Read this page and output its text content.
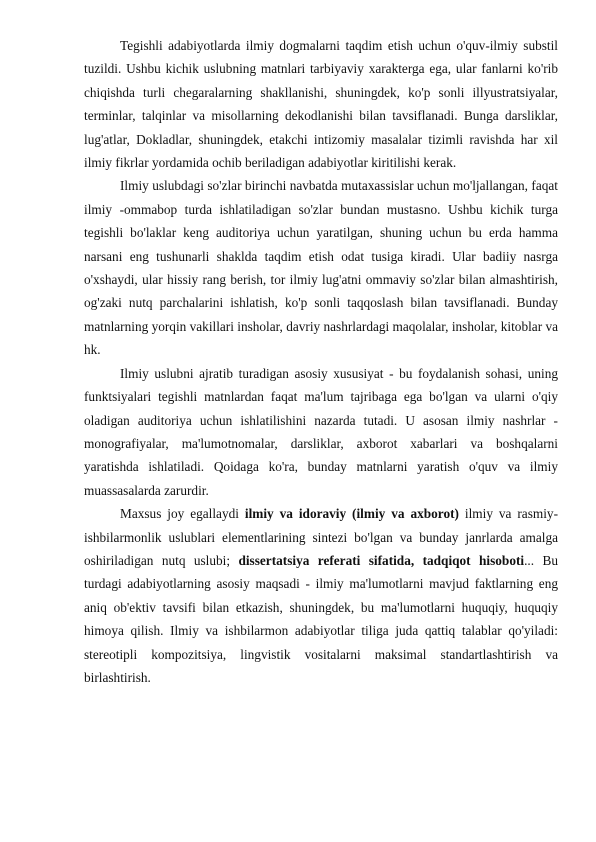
Tegishli adabiyotlarda ilmiy dogmalarni taqdim etish uchun o'quv-ilmiy substil tuzildi. Ushbu kichik uslubning matnlari tarbiyaviy xarakterga ega, ular fanlarni ko'rib chiqishda turli chegaralarning shakllanishi, shuningdek, ko'p sonli illyustratsiyalar, terminlar, talqinlar va misollarning dekodlanishi bilan tavsiflanadi. Bunga darsliklar, lug'atlar, Dokladlar, shuningdek, etakchi intizomiy masalalar tizimli ravishda har xil ilmiy fikrlar yordamida ochib beriladigan adabiyotlar kiritilishi kerak.

Ilmiy uslubdagi so'zlar birinchi navbatda mutaxassislar uchun mo'ljallangan, faqat ilmiy -ommabop turda ishlatiladigan so'zlar bundan mustasno. Ushbu kichik turga tegishli bo'laklar keng auditoriya uchun yaratilgan, shuning uchun bu erda hamma narsani eng tushunarli shaklda taqdim etish odat tusiga kiradi. Ular badiiy nasrga o'xshaydi, ular hissiy rang berish, tor ilmiy lug'atni ommaviy so'zlar bilan almashtirish, og'zaki nutq parchalarini ishlatish, ko'p sonli taqqoslash bilan tavsiflanadi. Bunday matnlarning yorqin vakillari insholar, davriy nashrlardagi maqolalar, insholar, kitoblar va hk.

Ilmiy uslubni ajratib turadigan asosiy xususiyat - bu foydalanish sohasi, uning funktsiyalari tegishli matnlardan faqat ma'lum tajribaga ega bo'lgan va ularni o'qiy oladigan auditoriya uchun ishlatilishini nazarda tutadi. U asosan ilmiy nashrlar - monografiyalar, ma'lumotnomalar, darsliklar, axborot xabarlari va boshqalarni yaratishda ishlatiladi. Qoidaga ko'ra, bunday matnlarni yaratish o'quv va ilmiy muassasalarda zarurdir.

Maxsus joy egallaydi ilmiy va idoraviy (ilmiy va axborot) ilmiy va rasmiy-ishbilarmonlik uslublari elementlarining sintezi bo'lgan va bunday janrlarda amalga oshiriladigan nutq uslubi; dissertatsiya referati sifatida, tadqiqot hisoboti... Bu turdagi adabiyotlarning asosiy maqsadi - ilmiy ma'lumotlarni mavjud faktlarning eng aniq ob'ektiv tavsifi bilan etkazish, shuningdek, bu ma'lumotlarni huquqiy, huquqiy himoya qilish. Ilmiy va ishbilarmon adabiyotlar tiliga juda qattiq talablar qo'yiladi: stereotipli kompozitsiya, lingvistik vositalarni maksimal standartlashtirish va birlashtirish.
